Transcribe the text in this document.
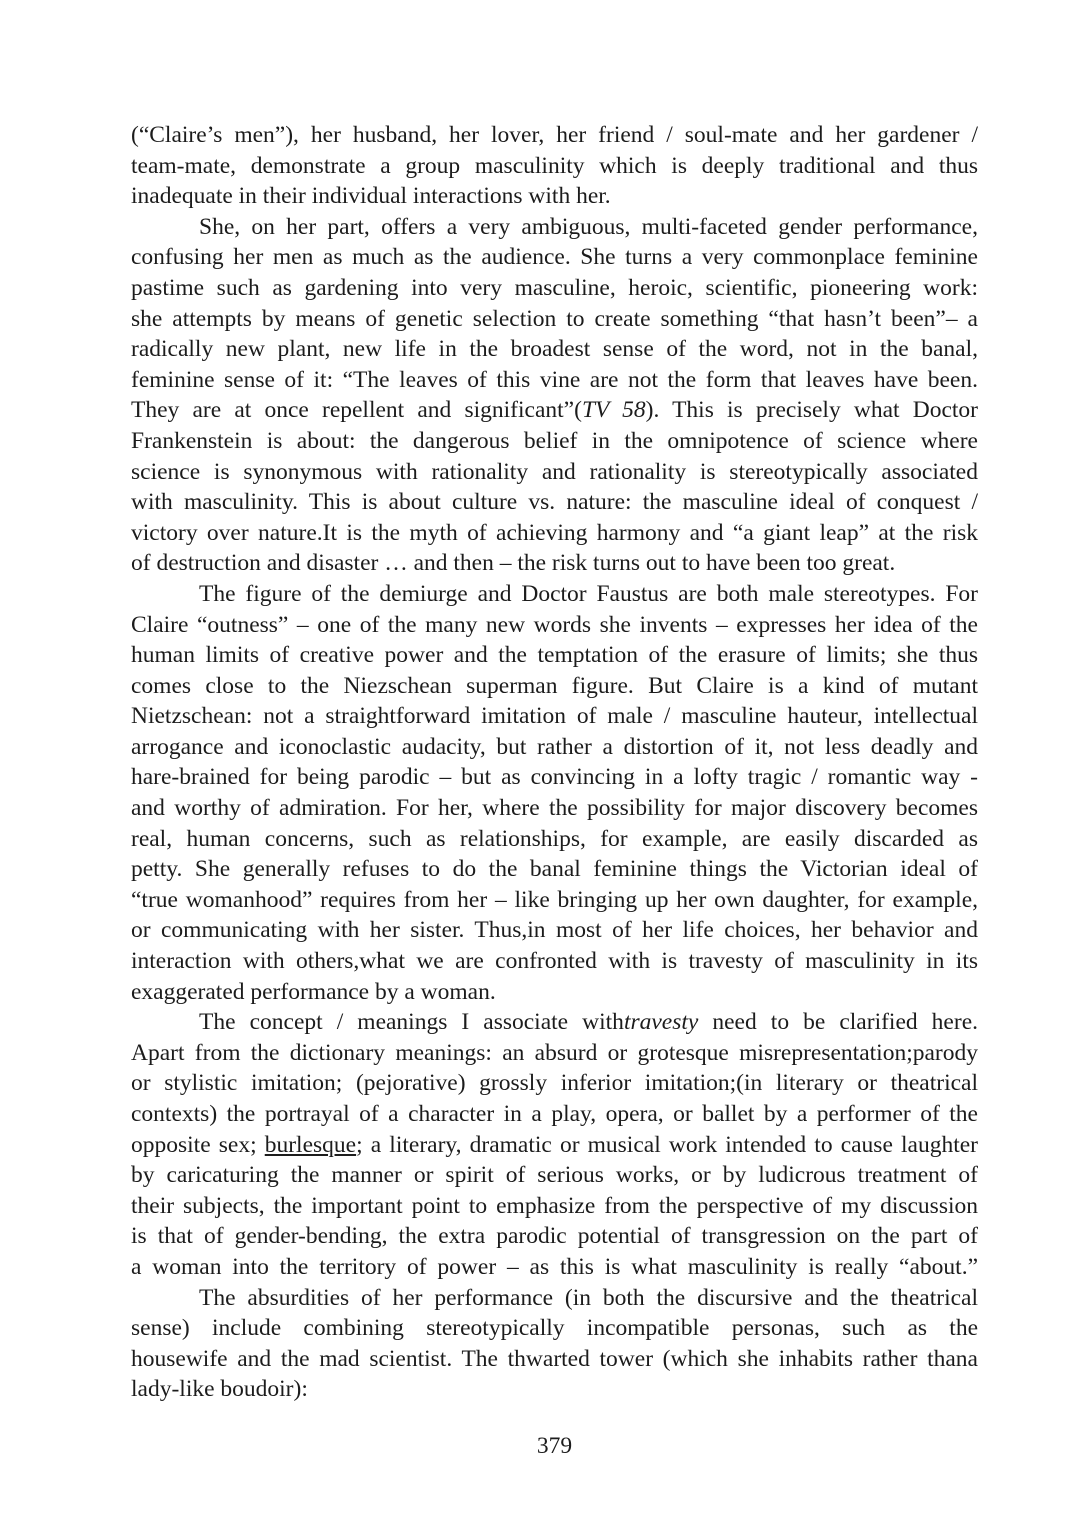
(“Claire’s men”), her husband, her lover, her friend / soul-mate and her gardener /
team-mate, demonstrate a group masculinity which is deeply traditional and thus
inadequate in their individual interactions with her.
She, on her part, offers a very ambiguous, multi-faceted gender performance,
confusing her men as much as the audience. She turns a very commonplace feminine
pastime such as gardening into very masculine, heroic, scientific, pioneering work:
she attempts by means of genetic selection to create something “that hasn’t been”– a
radically new plant, new life in the broadest sense of the word, not in the banal,
feminine sense of it: “The leaves of this vine are not the form that leaves have been.
They are at once repellent and significant”(TV 58). This is precisely what Doctor
Frankenstein is about: the dangerous belief in the omnipotence of science where
science is synonymous with rationality and rationality is stereotypically associated
with masculinity. This is about culture vs. nature: the masculine ideal of conquest /
victory over nature.It is the myth of achieving harmony and “a giant leap” at the risk
of destruction and disaster … and then – the risk turns out to have been too great.
The figure of the demiurge and Doctor Faustus are both male stereotypes. For
Claire “outness” – one of the many new words she invents – expresses her idea of the
human limits of creative power and the temptation of the erasure of limits; she thus
comes close to the Niezschean superman figure. But Claire is a kind of mutant
Nietzschean: not a straightforward imitation of male / masculine hauteur, intellectual
arrogance and iconoclastic audacity, but rather a distortion of it, not less deadly and
hare-brained for being parodic – but as convincing in a lofty tragic / romantic way -
and worthy of admiration. For her, where the possibility for major discovery becomes
real, human concerns, such as relationships, for example, are easily discarded as
petty. She generally refuses to do the banal feminine things the Victorian ideal of
“true womanhood” requires from her – like bringing up her own daughter, for example,
or communicating with her sister. Thus,in most of her life choices, her behavior and
interaction with others,what we are confronted with is travesty of masculinity in its
exaggerated performance by a woman.
The concept / meanings I associate withtravesty need to be clarified here.
Apart from the dictionary meanings: an absurd or grotesque misrepresentation;parody
or stylistic imitation; (pejorative) grossly inferior imitation;(in literary or theatrical
contexts) the portrayal of a character in a play, opera, or ballet by a performer of the
opposite sex; burlesque; a literary, dramatic or musical work intended to cause laughter
by caricaturing the manner or spirit of serious works, or by ludicrous treatment of
their subjects, the important point to emphasize from the perspective of my discussion
is that of gender-bending, the extra parodic potential of transgression on the part of
a woman into the territory of power – as this is what masculinity is really “about.”
The absurdities of her performance (in both the discursive and the theatrical
sense) include combining stereotypically incompatible personas, such as the
housewife and the mad scientist. The thwarted tower (which she inhabits rather thana
lady-like boudoir):
379
